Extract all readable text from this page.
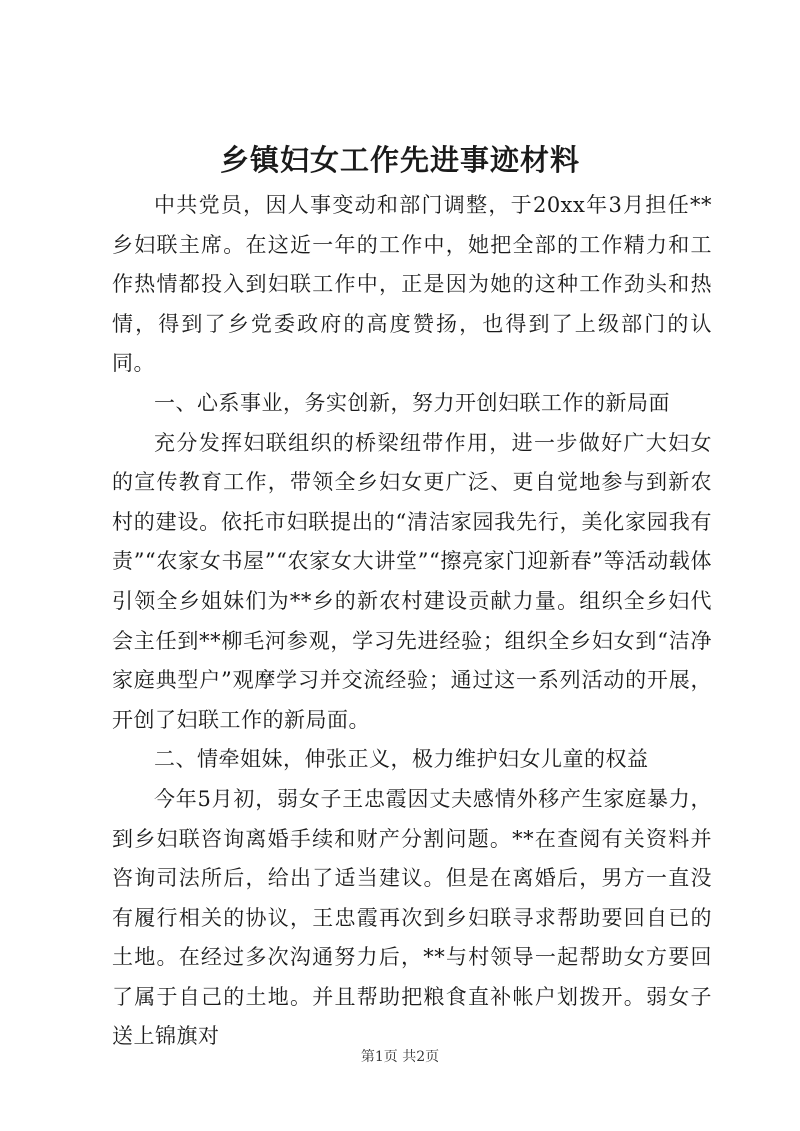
乡镇妇女工作先进事迹材料

中共党员，因人事变动和部门调整，于20xx年3月担任**乡妇联主席。在这近一年的工作中，她把全部的工作精力和工作热情都投入到妇联工作中，正是因为她的这种工作劲头和热情，得到了乡党委政府的高度赞扬，也得到了上级部门的认同。

一、心系事业，务实创新，努力开创妇联工作的新局面

充分发挥妇联组织的桥梁纽带作用，进一步做好广大妇女的宣传教育工作，带领全乡妇女更广泛、更自觉地参与到新农村的建设。依托市妇联提出的“清洁家园我先行，美化家园我有责”“农家女书屋”“农家女大讲堂”“擦亮家门迎新春”等活动载体引领全乡姐妹们为**乡的新农村建设贡献力量。组织全乡妇代会主任到**柳毛河参观，学习先进经验；组织全乡妇女到“洁净家庭典型户”观摩学习并交流经验；通过这一系列活动的开展，开创了妇联工作的新局面。

二、情牵姐妹，伸张正义，极力维护妇女儿童的权益

今年5月初，弱女子王忠霞因丈夫感情外移产生家庭暴力，到乡妇联咨询离婚手续和财产分割问题。**在查阅有关资料并咨询司法所后，给出了适当建议。但是在离婚后，男方一直没有履行相关的协议，王忠霞再次到乡妇联寻求帮助要回自已的土地。在经过多次沟通努力后，**与村领导一起帮助女方要回了属于自己的土地。并且帮助把粮食直补帐户划拨开。弱女子送上锦旗对

第1页 共2页
